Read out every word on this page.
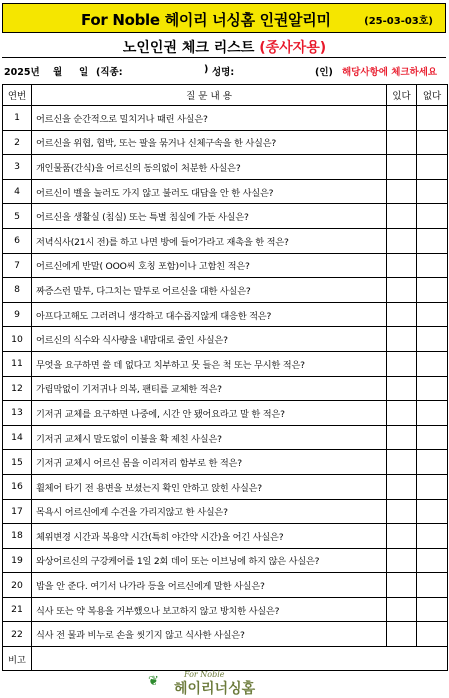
For Noble 헤이리 너싱홈 인권알리미	(25-03-03호)
노인인권 체크 리스트 (종사자용)
2025년 월 일 (직종:	) 성명:	(인) 해당사항에 체크하세요
연번	질 문 내 용	있다	없다
1	어르신을 순간적으로 밀치거나 때린 사실은?		
2	어르신을 위협, 협박, 또는 팔을 묶거나 신체구속을 한 사실은?		
3	개인물품(간식)을 어르신의 동의없이 처분한 사실은?		
4	어르신이 벨을 눌러도 가지 않고 불러도 대답을 안 한 사실은?		
5	어르신을 생활실 (침실) 또는 특별 침실에 가둔 사실은?		
6	저녁식사(21시 전)를 하고 나면 방에 들어가라고 재촉을 한 적은?		
7	어르신에게 반말( OOO씨 호칭 포함)이나 고함친 적은?		
8	짜증스런 말투, 다그치는 말투로 어르신을 대한 사실은?		
9	아프다고해도 그러려니 생각하고 대수롭지않게 대응한 적은?		
10	어르신의 식수와 식사량을 내맘대로 줄인 사실은?		
11	무엇을 요구하면 쓸 데 없다고 치부하고 못 들은 척 또는 무시한 적은?		
12	가림막없이 기저귀나 의복, 팬티를 교체한 적은?		
13	기저귀 교체를 요구하면 나중에, 시간 안 됐어요라고 말 한 적은?		
14	기저귀 교체시 말도없이 이불을 확 제친 사실은?		
15	기저귀 교체시 어르신 몸을 이리저리 함부로 한 적은?		
16	휠체어 타기 전 용변을 보셨는지 확인 안하고 앉힌 사실은?		
17	목욕시 어르신에게 수건을 가리지않고 한 사실은?		
18	체위변경 시간과 복용약 시간(특히 야간약 시간)을 어긴 사실은?		
19	와상어르신의 구강케어를 1일 2회 데이 또는 이브닝에 하지 않은 사실은?		
20	밥을 안 준다. 여기서 나가라 등을 어르신에게 말한 사실은?		
21	식사 또는 약 복용을 거부했으나 보고하지 않고 방치한 사실은?		
22	식사 전 물과 비누로 손을 씻기지 않고 식사한 사실은?		
비고			
❦	For Noble
헤이리너싱홈
